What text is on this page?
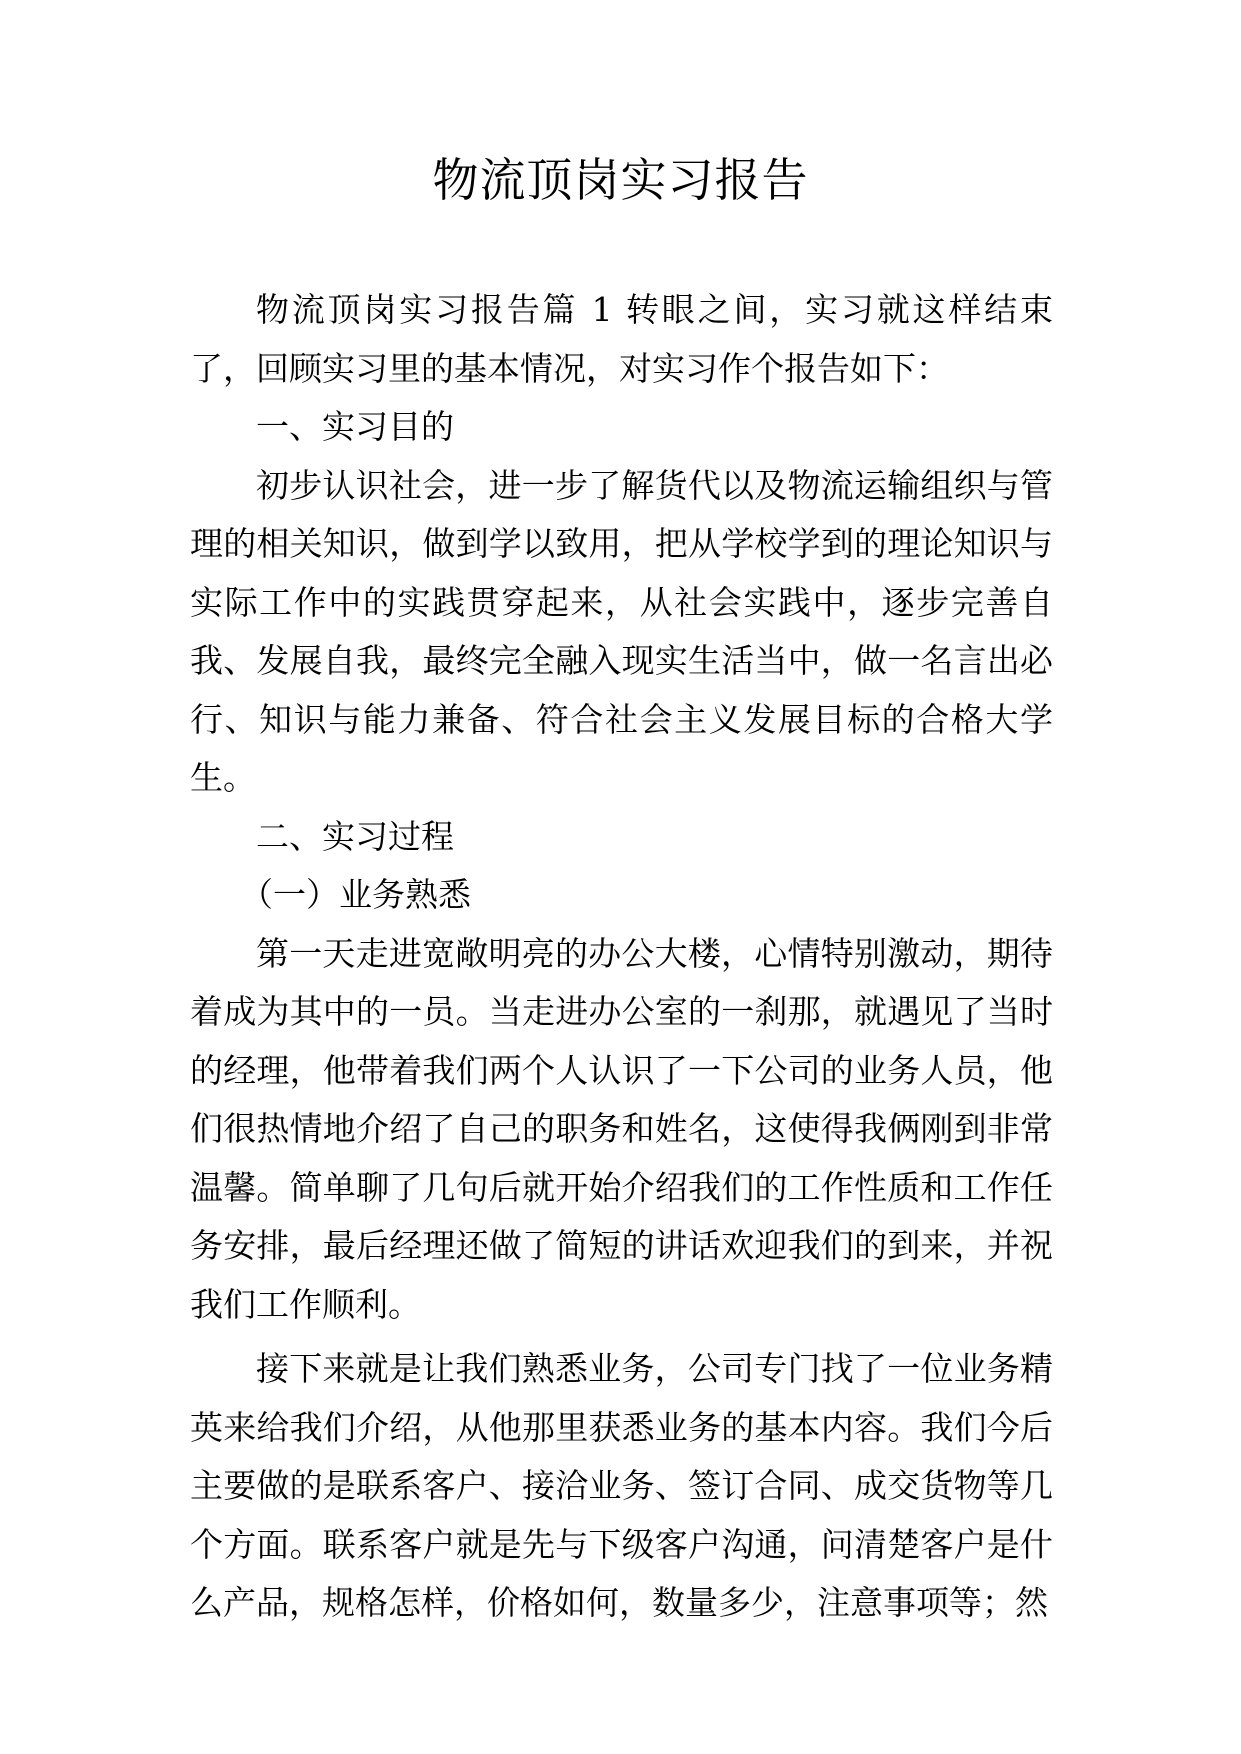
物流顶岗实习报告

物流顶岗实习报告篇 1 转眼之间，实习就这样结束了，回顾实习里的基本情况，对实习作个报告如下：

一、实习目的

初步认识社会，进一步了解货代以及物流运输组织与管理的相关知识，做到学以致用，把从学校学到的理论知识与实际工作中的实践贯穿起来，从社会实践中，逐步完善自我、发展自我，最终完全融入现实生活当中，做一名言出必行、知识与能力兼备、符合社会主义发展目标的合格大学生。

二、实习过程

（一）业务熟悉

第一天走进宽敞明亮的办公大楼，心情特别激动，期待着成为其中的一员。当走进办公室的一刹那，就遇见了当时的经理，他带着我们两个人认识了一下公司的业务人员，他们很热情地介绍了自己的职务和姓名，这使得我俩刚到非常温馨。简单聊了几句后就开始介绍我们的工作性质和工作任务安排，最后经理还做了简短的讲话欢迎我们的到来，并祝我们工作顺利。

接下来就是让我们熟悉业务，公司专门找了一位业务精英来给我们介绍，从他那里获悉业务的基本内容。我们今后主要做的是联系客户、接洽业务、签订合同、成交货物等几个方面。联系客户就是先与下级客户沟通，问清楚客户是什么产品，规格怎样，价格如何，数量多少，注意事项等；然
